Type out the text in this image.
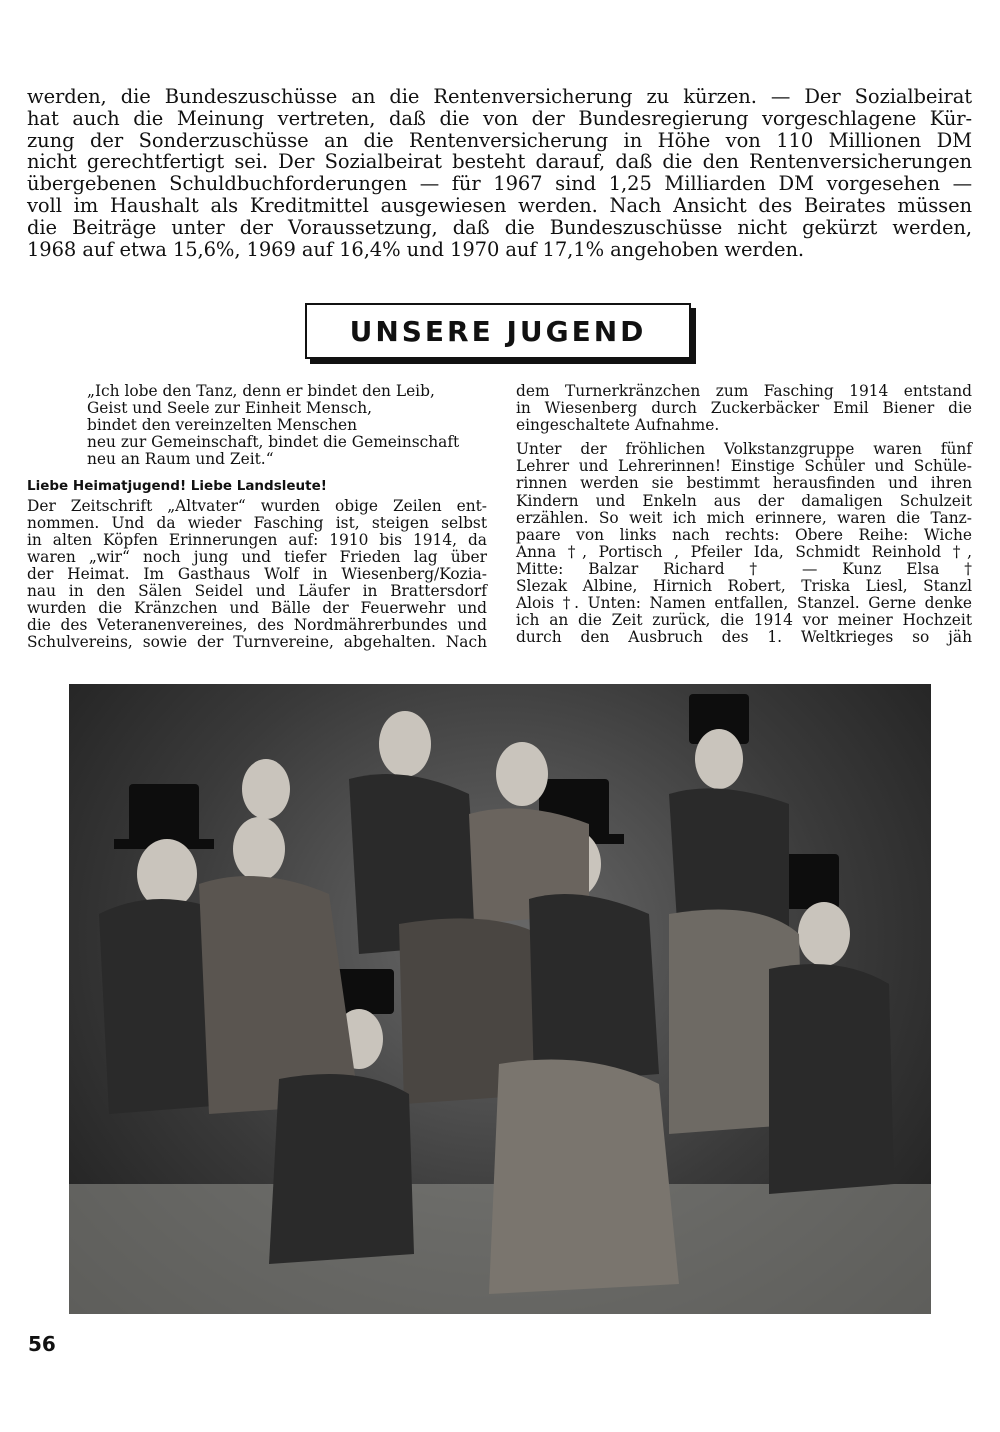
werden, die Bundeszuschüsse an die Rentenversicherung zu kürzen. — Der Sozialbeirat
hat auch die Meinung vertreten, daß die von der Bundesregierung vorgeschlagene Kür-
zung der Sonderzuschüsse an die Rentenversicherung in Höhe von 110 Millionen DM
nicht gerechtfertigt sei. Der Sozialbeirat besteht darauf, daß die den Rentenversicherungen
übergebenen Schuldbuchforderungen — für 1967 sind 1,25 Milliarden DM vorgesehen —
voll im Haushalt als Kreditmittel ausgewiesen werden. Nach Ansicht des Beirates müssen
die Beiträge unter der Voraussetzung, daß die Bundeszuschüsse nicht gekürzt werden,
1968 auf etwa 15,6%, 1969 auf 16,4% und 1970 auf 17,1% angehoben werden.
UNSERE JUGEND
„Ich lobe den Tanz, denn er bindet den Leib,
Geist und Seele zur Einheit Mensch,
bindet den vereinzelten Menschen
neu zur Gemeinschaft, bindet die Gemeinschaft
neu an Raum und Zeit.“
Liebe Heimatjugend! Liebe Landsleute!
Der Zeitschrift „Altvater“ wurden obige Zeilen ent-
nommen. Und da wieder Fasching ist, steigen selbst
in alten Köpfen Erinnerungen auf: 1910 bis 1914, da
waren „wir“ noch jung und tiefer Frieden lag über
der Heimat. Im Gasthaus Wolf in Wiesenberg/Kozia-
nau in den Sälen Seidel und Läufer in Brattersdorf
wurden die Kränzchen und Bälle der Feuerwehr und
die des Veteranenvereines, des Nordmährerbundes und
Schulvereins, sowie der Turnvereine, abgehalten. Nach
dem Turnerkränzchen zum Fasching 1914 entstand
in Wiesenberg durch Zuckerbäcker Emil Biener die
eingeschaltete Aufnahme.
Unter der fröhlichen Volkstanzgruppe waren fünf
Lehrer und Lehrerinnen! Einstige Schüler und Schüle-
rinnen werden sie bestimmt herausfinden und ihren
Kindern und Enkeln aus der damaligen Schulzeit
erzählen. So weit ich mich erinnere, waren die Tanz-
paare von links nach rechts: Obere Reihe: Wiche
Anna †, Portisch , Pfeiler Ida, Schmidt Reinhold †,
Mitte: Balzar Richard † — Kunz Elsa †
Slezak Albine, Hirnich Robert, Triska Liesl, Stanzl
Alois †. Unten: Namen entfallen, Stanzel. Gerne denke
ich an die Zeit zurück, die 1914 vor meiner Hochzeit
durch den Ausbruch des 1. Weltkrieges so jäh
56
